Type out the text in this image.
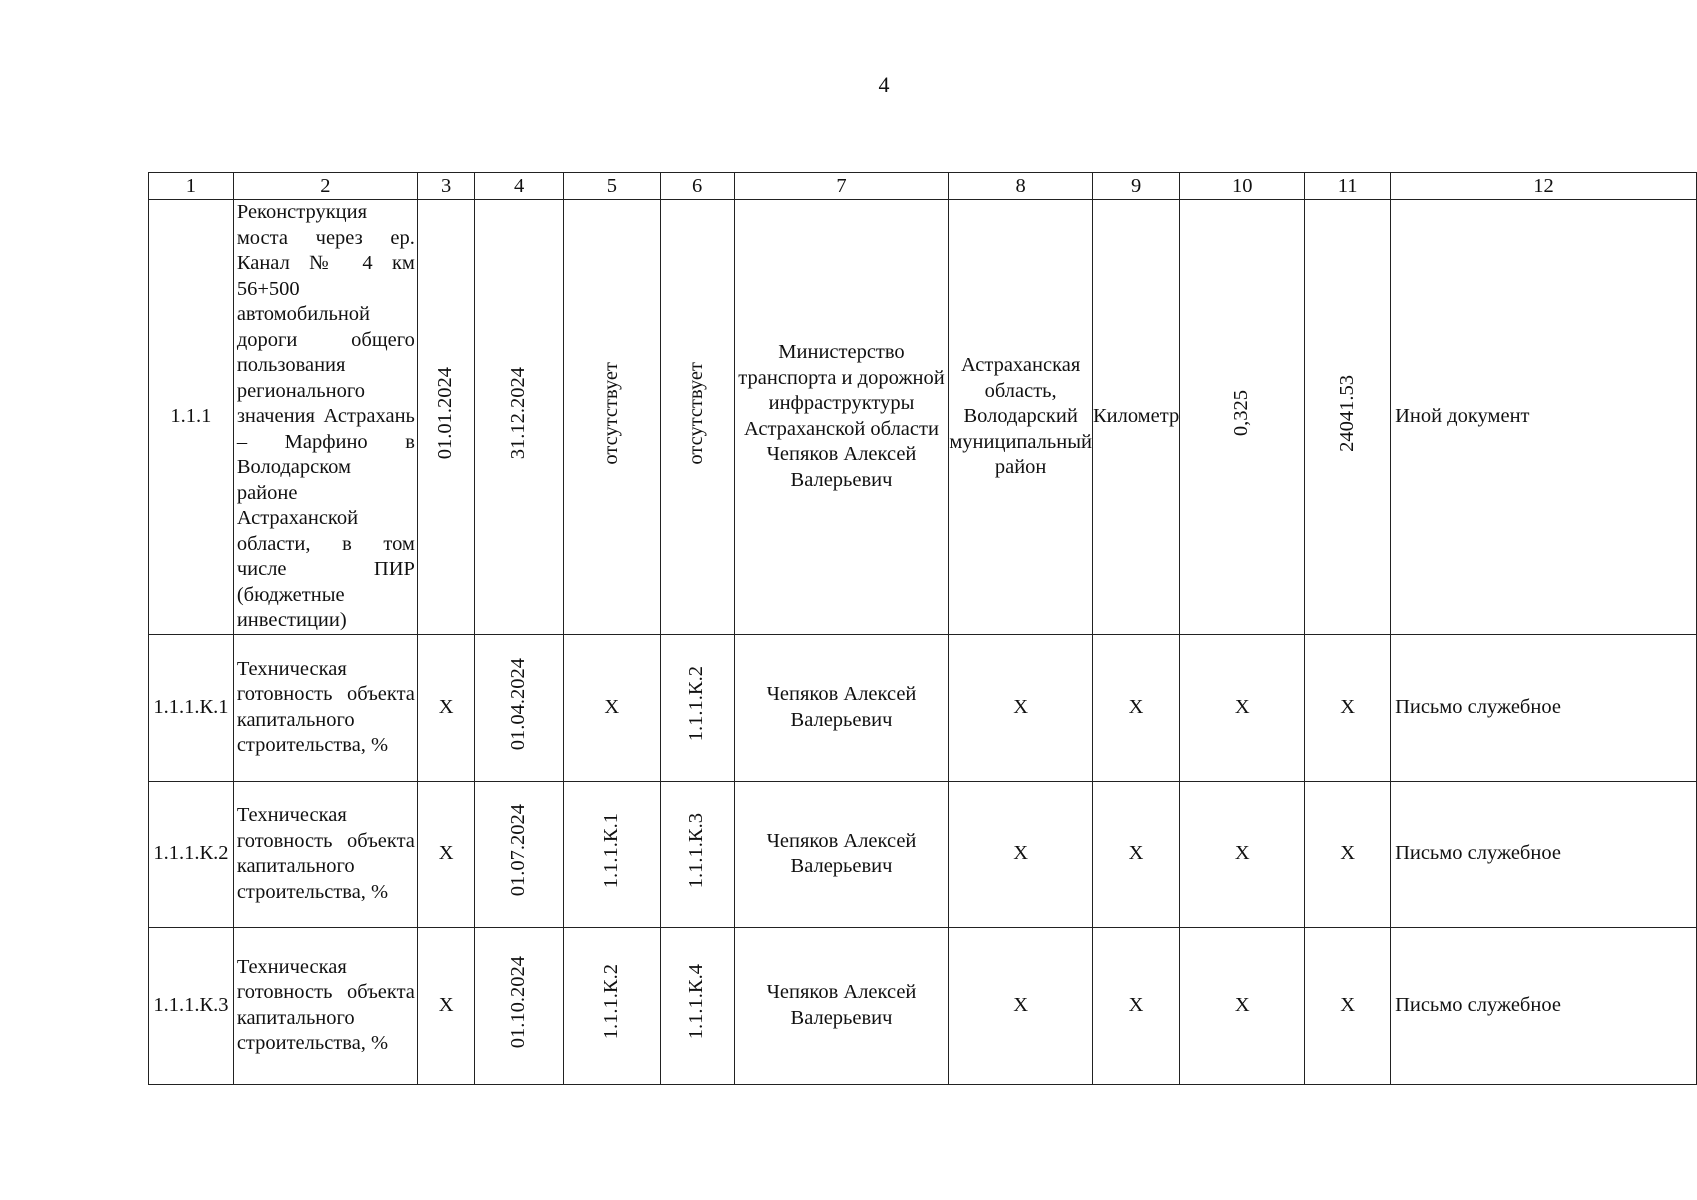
4
1	2	3	4	5	6	7	8	9	10	11	12
1.1.1	Реконструкция моста через ер. Канал № 4 км 56+500 автомобильной дороги общего пользования регионального значения Астрахань – Марфино в Володарском районе Астраханской области, в том числе ПИР (бюджетные инвестиции)	01.01.2024	31.12.2024	отсутствует	отсутствует	Министерство транспорта и дорожной инфраструктуры Астраханской области Чепяков Алексей Валерьевич	Астраханская область, Володарский муниципальный район	Километр	0,325	24041.53	Иной документ

1.1.1.К.1	Техническая готовность объекта капитального строительства, %	X	01.04.2024	X	1.1.1.К.2	Чепяков Алексей Валерьевич	X	X	X	X	Письмо служебное

1.1.1.К.2	Техническая готовность объекта капитального строительства, %	X	01.07.2024	1.1.1.К.1	1.1.1.К.3	Чепяков Алексей Валерьевич	X	X	X	X	Письмо служебное

1.1.1.К.3	Техническая готовность объекта капитального строительства, %	X	01.10.2024	1.1.1.К.2	1.1.1.К.4	Чепяков Алексей Валерьевич	X	X	X	X	Письмо служебное
